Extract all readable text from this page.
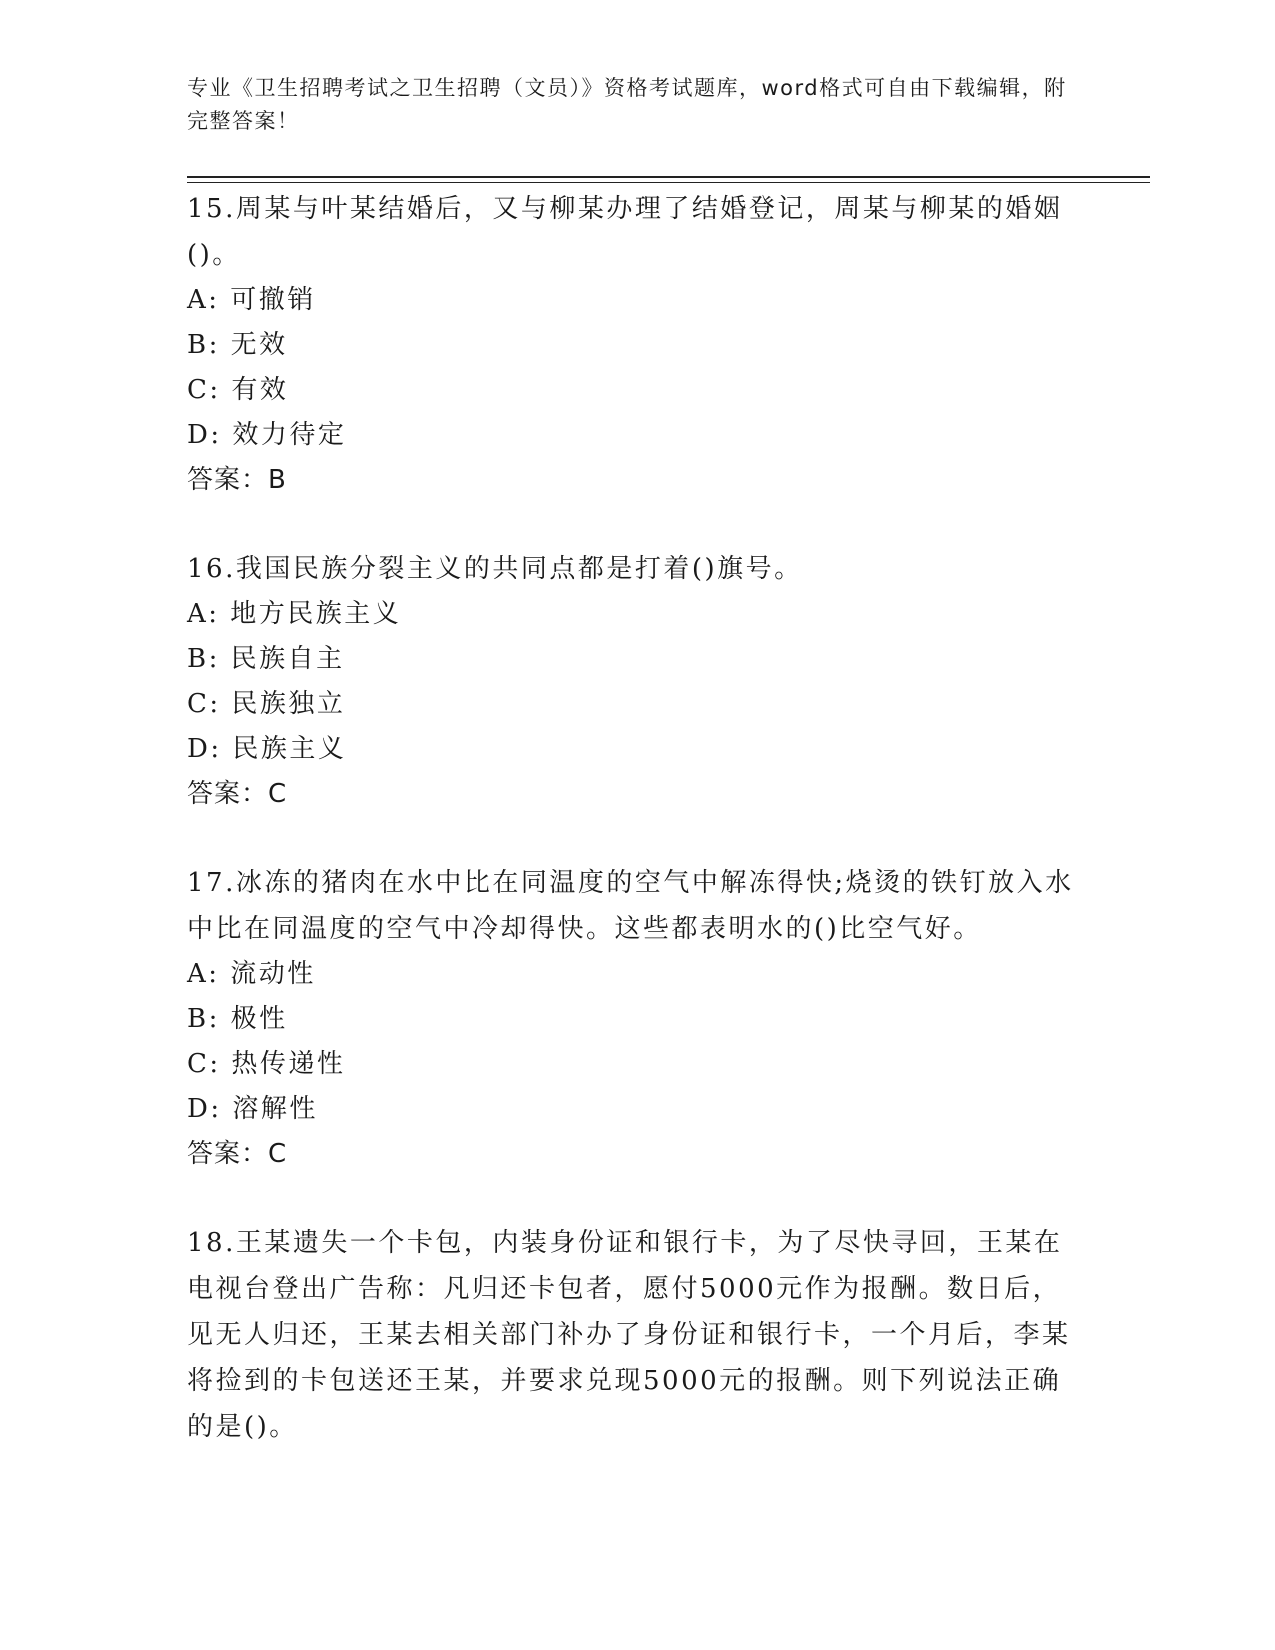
专业《卫生招聘考试之卫生招聘（文员）》资格考试题库，word格式可自由下载编辑，附完整答案！

15.周某与叶某结婚后，又与柳某办理了结婚登记，周某与柳某的婚姻()。

A: 可撤销

B: 无效

C: 有效

D: 效力待定

答案：B

16.我国民族分裂主义的共同点都是打着()旗号。

A: 地方民族主义

B: 民族自主

C: 民族独立

D: 民族主义

答案：C

17.冰冻的猪肉在水中比在同温度的空气中解冻得快;烧烫的铁钉放入水中比在同温度的空气中冷却得快。这些都表明水的()比空气好。

A: 流动性

B: 极性

C: 热传递性

D: 溶解性

答案：C

18.王某遗失一个卡包，内装身份证和银行卡，为了尽快寻回，王某在电视台登出广告称：凡归还卡包者，愿付5000元作为报酬。数日后，见无人归还，王某去相关部门补办了身份证和银行卡，一个月后，李某将捡到的卡包送还王某，并要求兑现5000元的报酬。则下列说法正确的是()。
